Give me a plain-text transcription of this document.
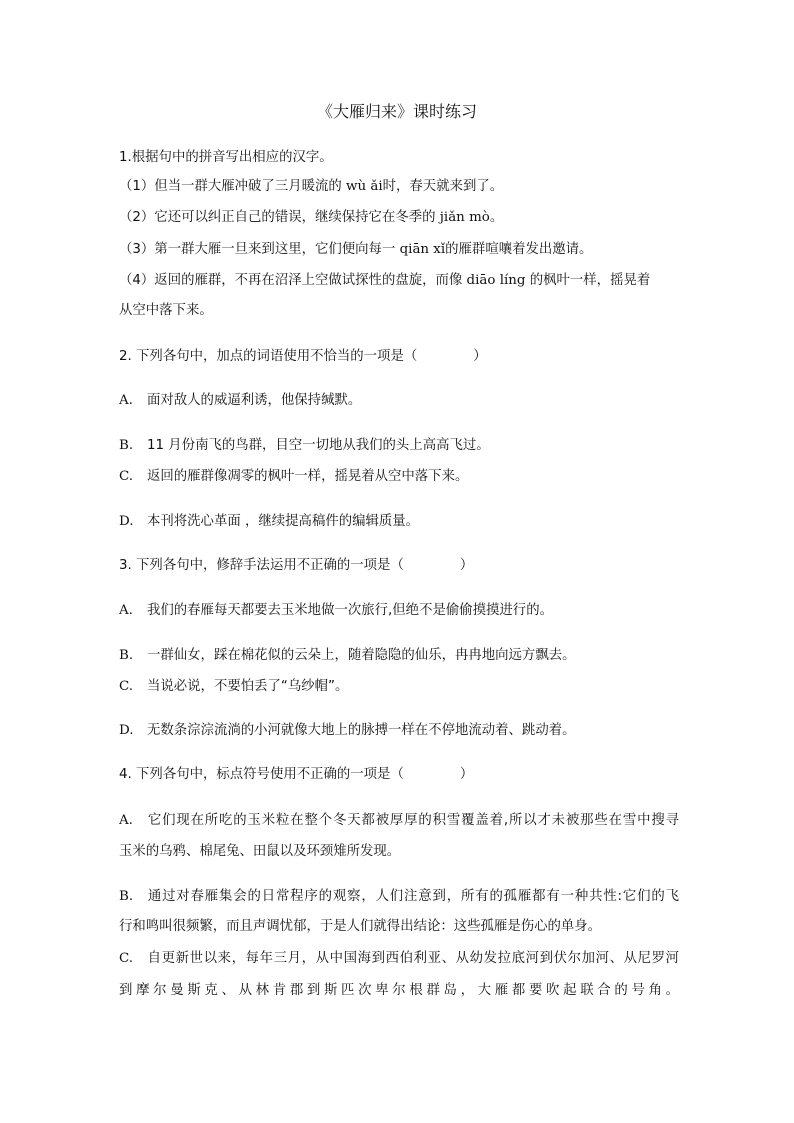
《大雁归来》课时练习
1.根据句中的拼音写出相应的汉字。
（1）但当一群大雁冲破了三月暖流的 wù ǎi时，春天就来到了。
（2）它还可以纠正自己的错误，继续保持它在冬季的 jiǎn mò。
（3）第一群大雁一旦来到这里，它们便向每一 qiān xǐ的雁群喧嚷着发出邀请。
（4）返回的雁群，不再在沼泽上空做试探性的盘旋，而像 diāo líng 的枫叶一样，摇晃着
从空中落下来。
2. 下列各句中，加点的词语使用不恰当的一项是（	）
A. 面对敌人的威逼利诱，他保持缄默。
B. 11 月份南飞的鸟群，目空一切地从我们的头上高高飞过。
C. 返回的雁群像凋零的枫叶一样，摇晃着从空中落下来。
D. 本刊将洗心革面 ，继续提高稿件的编辑质量。
3. 下列各句中，修辞手法运用不正确的一项是（	）
A. 我们的春雁每天都要去玉米地做一次旅行,但绝不是偷偷摸摸进行的。
B. 一群仙女，踩在棉花似的云朵上，随着隐隐的仙乐，冉冉地向远方飘去。
C. 当说必说，不要怕丢了“乌纱帽”。
D. 无数条淙淙流淌的小河就像大地上的脉搏一样在不停地流动着、跳动着。
4. 下列各句中，标点符号使用不正确的一项是（	）
A. 它们现在所吃的玉米粒在整个冬天都被厚厚的积雪覆盖着,所以才未被那些在雪中搜寻
玉米的乌鸦、棉尾兔、田鼠以及环颈雉所发现。
B. 通过对春雁集会的日常程序的观察，人们注意到，所有的孤雁都有一种共性:它们的飞
行和鸣叫很频繁，而且声调忧郁，于是人们就得出结论：这些孤雁是伤心的单身。
C. 自更新世以来，每年三月，从中国海到西伯利亚、从幼发拉底河到伏尔加河、从尼罗河
到摩尔曼斯克、从林肯郡到斯匹次卑尔根群岛，大雁都要吹起联合的号角。
